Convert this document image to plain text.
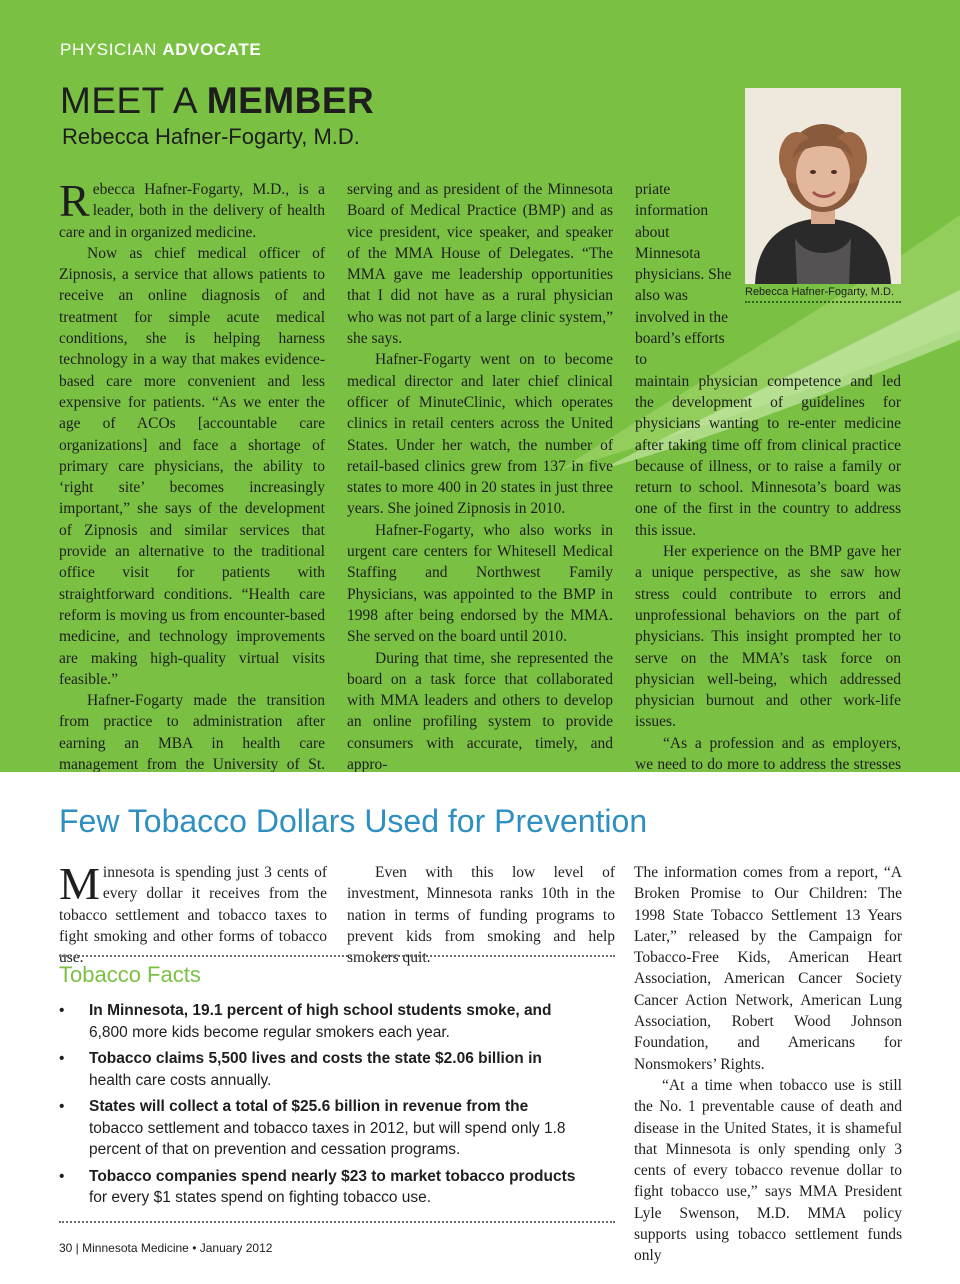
PHYSICIAN ADVOCATE
MEET A MEMBER
Rebecca Hafner-Fogarty, M.D.
Rebecca Hafner-Fogarty, M.D.

Rebecca Hafner-Fogarty, M.D., is a leader, both in the delivery of health care and in organized medicine.

Now as chief medical officer of Zipnosis, a service that allows patients to receive an online diagnosis of and treatment for simple acute medical conditions, she is helping harness technology in a way that makes evidence-based care more convenient and less expensive for patients. “As we enter the age of ACOs [accountable care organizations] and face a shortage of primary care physicians, the ability to ‘right site’ becomes increasingly important,” she says of the development of Zipnosis and similar services that provide an alternative to the traditional office visit for patients with straightforward conditions. “Health care reform is moving us from encounter-based medicine, and technology improvements are making high-quality virtual visits feasible.”

Hafner-Fogarty made the transition from practice to administration after earning an MBA in health care management from the University of St.

serving and as president of the Minnesota Board of Medical Practice (BMP) and as vice president, vice speaker, and speaker of the MMA House of Delegates. “The MMA gave me leadership opportunities that I did not have as a rural physician who was not part of a large clinic system,” she says.

Hafner-Fogarty went on to become medical director and later chief clinical officer of MinuteClinic, which operates clinics in retail centers across the United States. Under her watch, the number of retail-based clinics grew from 137 in five states to more 400 in 20 states in just three years. She joined Zipnosis in 2010.

Hafner-Fogarty, who also works in urgent care centers for Whitesell Medical Staffing and Northwest Family Physicians, was appointed to the BMP in 1998 after being endorsed by the MMA. She served on the board until 2010.

During that time, she represented the board on a task force that collaborated with MMA leaders and others to develop an online profiling system to provide consumers with accurate, timely, and appro-

priate information about Minnesota physicians. She also was involved in the board’s efforts to

maintain physician competence and led the development of guidelines for physicians wanting to re-enter medicine after taking time off from clinical practice because of illness, or to raise a family or return to school. Minnesota’s board was one of the first in the country to address this issue.

Her experience on the BMP gave her a unique perspective, as she saw how stress could contribute to errors and unprofessional behaviors on the part of physicians. This insight prompted her to serve on the MMA’s task force on physician well-being, which addressed physician burnout and other work-life issues.

“As a profession and as employers, we need to do more to address the stresses

Few Tobacco Dollars Used for Prevention

Minnesota is spending just 3 cents of every dollar it receives from the tobacco settlement and tobacco taxes to fight smoking and other forms of tobacco use.

Even with this low level of investment, Minnesota ranks 10th in the nation in terms of funding programs to prevent kids from smoking and help smokers quit.

The information comes from a report, “A Broken Promise to Our Children: The 1998 State Tobacco Settlement 13 Years Later,” released by the Campaign for Tobacco-Free Kids, American Heart Association, American Cancer Society Cancer Action Network, American Lung Association, Robert Wood Johnson Foundation, and Americans for Nonsmokers’ Rights.

“At a time when tobacco use is still the No. 1 preventable cause of death and disease in the United States, it is shameful that Minnesota is only spending only 3 cents of every tobacco revenue dollar to fight tobacco use,” says MMA President Lyle Swenson, M.D. MMA policy supports using tobacco settlement funds only

Tobacco Facts
• In Minnesota, 19.1 percent of high school students smoke, and
6,800 more kids become regular smokers each year.
• Tobacco claims 5,500 lives and costs the state $2.06 billion in
health care costs annually.
• States will collect a total of $25.6 billion in revenue from the
tobacco settlement and tobacco taxes in 2012, but will spend only 1.8 percent of that on prevention and cessation programs.
• Tobacco companies spend nearly $23 to market tobacco products
for every $1 states spend on fighting tobacco use.
30 | Minnesota Medicine • January 2012
